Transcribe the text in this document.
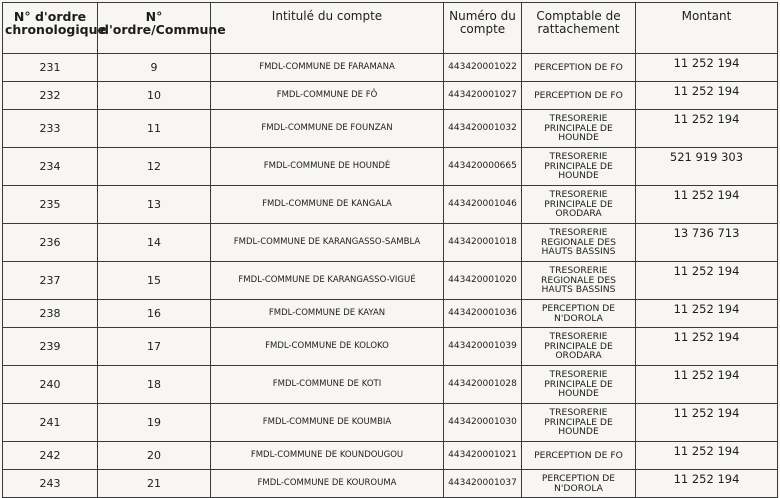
N° d'ordre chronologique	N° d'ordre/Commune	Intitulé du compte	Numéro du compte	Comptable de rattachement	Montant
231	9	FMDL-COMMUNE DE FARAMANA	443420001022	PERCEPTION DE FO	11 252 194
232	10	FMDL-COMMUNE DE FÔ	443420001027	PERCEPTION DE FO	11 252 194
233	11	FMDL-COMMUNE DE FOUNZAN	443420001032	TRESORERIE PRINCIPALE DE HOUNDE	11 252 194
234	12	FMDL-COMMUNE DE HOUNDÉ	443420000665	TRESORERIE PRINCIPALE DE HOUNDE	521 919 303
235	13	FMDL-COMMUNE DE KANGALA	443420001046	TRESORERIE PRINCIPALE DE ORODARA	11 252 194
236	14	FMDL-COMMUNE DE KARANGASSO-SAMBLA	443420001018	TRESORERIE REGIONALE DES HAUTS BASSINS	13 736 713
237	15	FMDL-COMMUNE DE KARANGASSO-VIGUÉ	443420001020	TRESORERIE REGIONALE DES HAUTS BASSINS	11 252 194
238	16	FMDL-COMMUNE DE KAYAN	443420001036	PERCEPTION DE N'DOROLA	11 252 194
239	17	FMDL-COMMUNE DE KOLOKO	443420001039	TRESORERIE PRINCIPALE DE ORODARA	11 252 194
240	18	FMDL-COMMUNE DE KOTI	443420001028	TRESORERIE PRINCIPALE DE HOUNDE	11 252 194
241	19	FMDL-COMMUNE DE KOUMBIA	443420001030	TRESORERIE PRINCIPALE DE HOUNDE	11 252 194
242	20	FMDL-COMMUNE DE KOUNDOUGOU	443420001021	PERCEPTION DE FO	11 252 194
243	21	FMDL-COMMUNE DE KOUROUMA	443420001037	PERCEPTION DE N'DOROLA	11 252 194
